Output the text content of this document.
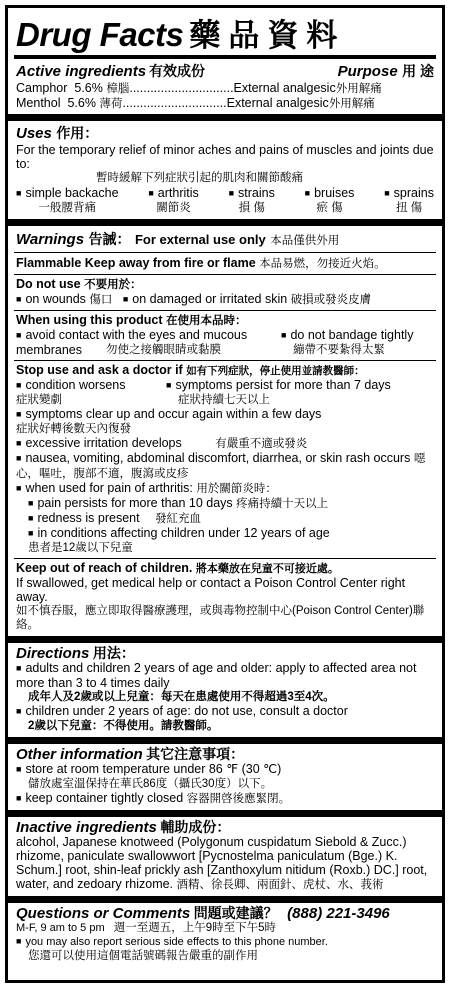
Drug Facts 藥品資料
Active ingredients 有效成份	Purpose 用 途
Camphor 5.6% 樟腦..............................External analgesic外用解痛
Menthol 5.6% 薄荷..............................External analgesic外用解痛
Uses 作用：
For the temporary relief of minor aches and pains of muscles and joints due to:
暫時緩解下列症狀引起的肌肉和關節酸痛
■ simple backache
一般腰背痛
■ arthritis
關節炎
■ strains
損 傷
■ bruises
瘀 傷
■ sprains
扭 傷
Warnings 告誡： For external use only 本品僅供外用
Flammable Keep away from fire or flame 本品易燃，勿接近火焰。
Do not use 不要用於：
■ on wounds 傷口   ■ on damaged or irritated skin 破損或發炎皮膚
When using this product 在使用本品時：
■ avoid contact with the eyes and mucous membranes	勿使之接觸眼睛或黏膜
■ do not bandage tightly
繃帶不要紮得太緊
Stop use and ask a doctor if 如有下列症狀，停止使用並請教醫師：
■ condition worsens
症狀變劇
■ symptoms persist for more than 7 days
症狀持續七天以上
■ symptoms clear up and occur again within a few days
症狀好轉後數天內復發
■ excessive irritation develops	有嚴重不適或發炎
■ nausea, vomiting, abdominal discomfort, diarrhea, or skin rash occurs 噁心，嘔吐，腹部不適，腹瀉或皮疹
■ when used for pain of arthritis: 用於關節炎時：
■ pain persists for more than 10 days 疼痛持續十天以上
■ redness is present 發紅充血
■ in conditions affecting children under 12 years of age
患者是12歲以下兒童
Keep out of reach of children. 將本藥放在兒童不可接近處。
If swallowed, get medical help or contact a Poison Control Center right away.
如不慎吞服，應立即取得醫療護理，或與毒物控制中心(Poison Control Center)聯絡。
Directions 用法：
■ adults and children 2 years of age and older: apply to affected area not more than 3 to 4 times daily
成年人及2歲或以上兒童：每天在患處使用不得超過3至4次。
■ children under 2 years of age: do not use, consult a doctor
2歲以下兒童：不得使用。請教醫師。
Other information 其它注意事項：
■ store at room temperature under 86 ℉ (30 ℃)
儲放處室溫保持在華氏86度（攝氏30度）以下。
■ keep container tightly closed 容器開啓後應緊閉。
Inactive ingredients 輔助成份：
alcohol, Japanese knotweed (Polygonum cuspidatum Siebold & Zucc.) rhizome, paniculate swallowwort [Pycnostelma paniculatum (Bge.) K. Schum.] root, shin-leaf prickly ash [Zanthoxylum nitidum (Roxb.) DC.] root, water, and zedoary rhizome. 酒精、徐長卿、兩面針、虎杖、水、莪術
Questions or Comments 問題或建議？ (888) 221-3496
M-F, 9 am to 5 pm 週一至週五，上午9時至下午5時
■ you may also report serious side effects to this phone number.
您還可以使用這個電話號碼報告嚴重的副作用
